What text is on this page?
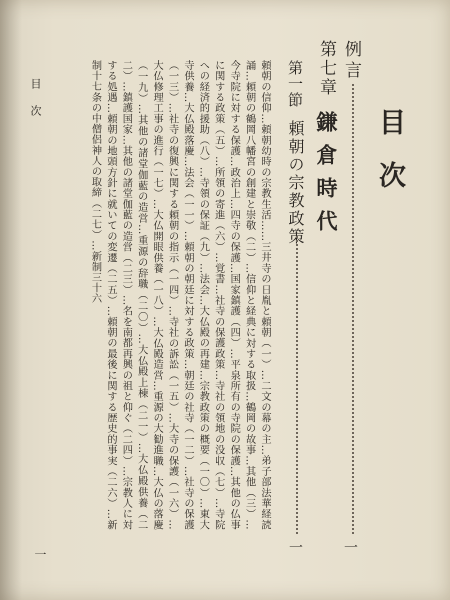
目次
例言
一
第七章鎌倉時代
第一節頼朝の宗教政策
一

頼朝の信仰…頼朝幼時の宗教生活……三井寺の日胤と頼朝（一）…二文の幕の主…弟子部法華経読誦…頼朝の鶴岡八幡宮の創建と崇敬（二）…信仰と経典に対する取扱…鶴岡の故事…其他（三）…今寺院に対する保護…政治上…四寺の保護…国家鎮護（四）…平泉所有の寺院の保護…其他の仏事に関する政策（五）…所領の寄進（六）…覚書…社寺の保護政策…寺社の領地の没収（七）…寺院への経済的援助（八）…寺領の保証（九）…法会…大仏殿の再建…宗教政策の概要（一〇）…東大寺供養…大仏殿落慶…法会（一一）…頼朝の朝廷に対する政策…朝廷の社寺（一二）…社寺の保護（一三）…社寺の復興に関する頼朝の指示（一四）…寺社の訴訟（一五）…大寺の保護（一六）…大仏修理工事の進行（一七）…大仏開眼供養（一八）…大仏殿造営…重源の大勧進職…大仏の落慶（一九）…其他の諸堂伽藍の造営…重源の辞職（二〇）…大仏殿上棟（二一）…大仏殿供養（二二）…鎮護国家…其他の諸堂伽藍の造営（二三）…名を南都再興の祖と仰ぐ（二四）…宗教人に対する処遇…頼朝の地頭方針に就いての変遷（二五）…頼朝の最後に関する歴史的事実（二六）…新制十七条の中僧侶神人の取締（二七）…新制三十六

目次
一
